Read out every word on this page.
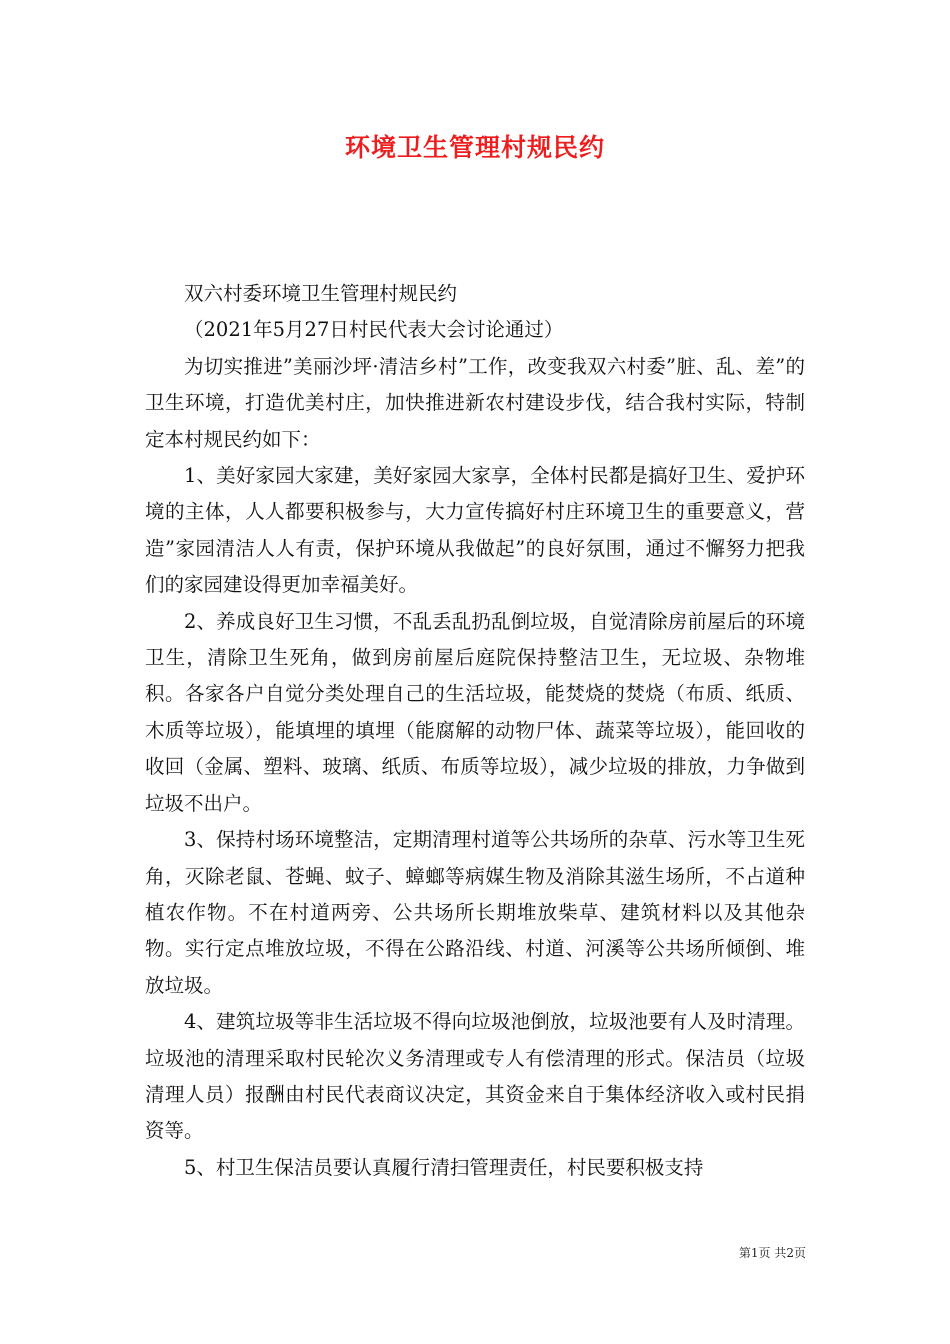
环境卫生管理村规民约

双六村委环境卫生管理村规民约

（2021年5月27日村民代表大会讨论通过）

为切实推进”美丽沙坪·清洁乡村”工作，改变我双六村委”脏、乱、差”的卫生环境，打造优美村庄，加快推进新农村建设步伐，结合我村实际，特制定本村规民约如下：

1、美好家园大家建，美好家园大家享，全体村民都是搞好卫生、爱护环境的主体，人人都要积极参与，大力宣传搞好村庄环境卫生的重要意义，营造”家园清洁人人有责，保护环境从我做起”的良好氛围，通过不懈努力把我们的家园建设得更加幸福美好。

2、养成良好卫生习惯，不乱丢乱扔乱倒垃圾，自觉清除房前屋后的环境卫生，清除卫生死角，做到房前屋后庭院保持整洁卫生，无垃圾、杂物堆积。各家各户自觉分类处理自己的生活垃圾，能焚烧的焚烧（布质、纸质、木质等垃圾），能填埋的填埋（能腐解的动物尸体、蔬菜等垃圾），能回收的收回（金属、塑料、玻璃、纸质、布质等垃圾），减少垃圾的排放，力争做到垃圾不出户。

3、保持村场环境整洁，定期清理村道等公共场所的杂草、污水等卫生死角，灭除老鼠、苍蝇、蚊子、蟑螂等病媒生物及消除其滋生场所，不占道种植农作物。不在村道两旁、公共场所长期堆放柴草、建筑材料以及其他杂物。实行定点堆放垃圾，不得在公路沿线、村道、河溪等公共场所倾倒、堆放垃圾。

4、建筑垃圾等非生活垃圾不得向垃圾池倒放，垃圾池要有人及时清理。垃圾池的清理采取村民轮次义务清理或专人有偿清理的形式。保洁员（垃圾清理人员）报酬由村民代表商议决定，其资金来自于集体经济收入或村民捐资等。

5、村卫生保洁员要认真履行清扫管理责任，村民要积极支持

第1页 共2页
